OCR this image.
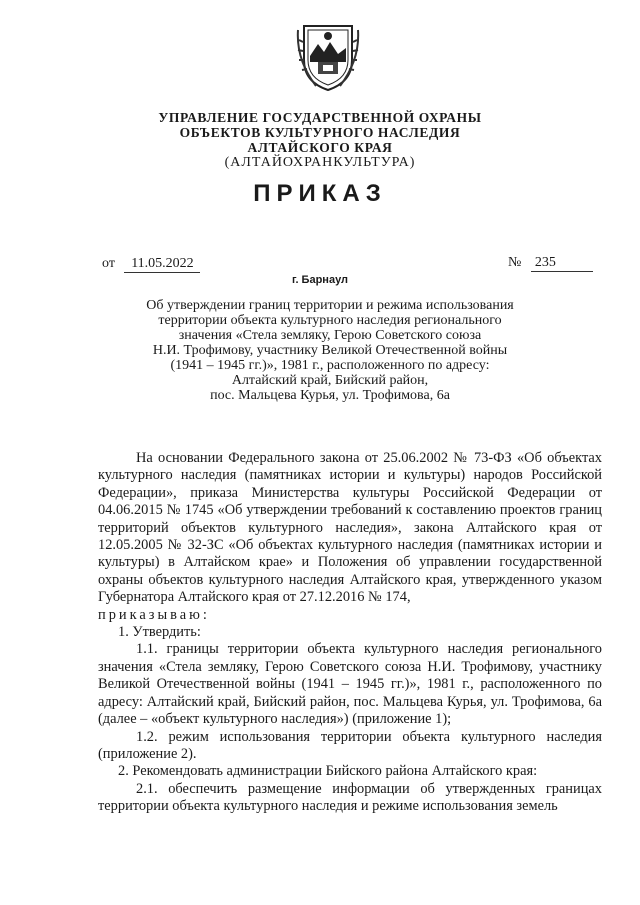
УПРАВЛЕНИЕ ГОСУДАРСТВЕННОЙ ОХРАНЫ
ОБЪЕКТОВ КУЛЬТУРНОГО НАСЛЕДИЯ
АЛТАЙСКОГО КРАЯ
(АЛТАЙОХРАНКУЛЬТУРА)
ПРИКАЗ
от 11.05.2022	№ 235
г. Барнаул
Об утверждении границ территории и режима использования
территории объекта культурного наследия регионального
значения «Стела земляку, Герою Советского союза
Н.И. Трофимову, участнику Великой Отечественной войны
(1941 – 1945 гг.)», 1981 г., расположенного по адресу:
Алтайский край, Бийский район,
пос. Мальцева Курья, ул. Трофимова, 6а

На основании Федерального закона от 25.06.2002 № 73-ФЗ «Об объектах культурного наследия (памятниках истории и культуры) народов Российской Федерации», приказа Министерства культуры Российской Федерации от 04.06.2015 № 1745 «Об утверждении требований к составлению проектов границ территорий объектов культурного наследия», закона Алтайского края от 12.05.2005 № 32-ЗС «Об объектах культурного наследия (памятниках истории и культуры) в Алтайском крае» и Положения об управлении государственной охраны объектов культурного наследия Алтайского края, утвержденного указом Губернатора Алтайского края от 27.12.2016 № 174,

приказываю:

1. Утвердить:

1.1. границы территории объекта культурного наследия регионального значения «Стела земляку, Герою Советского союза Н.И. Трофимову, участнику Великой Отечественной войны (1941 – 1945 гг.)», 1981 г., расположенного по адресу: Алтайский край, Бийский район, пос. Мальцева Курья, ул. Трофимова, 6а (далее – «объект культурного наследия») (приложение 1);

1.2. режим использования территории объекта культурного наследия (приложение 2).

2. Рекомендовать администрации Бийского района Алтайского края:

2.1. обеспечить размещение информации об утвержденных границах территории объекта культурного наследия и режиме использования земель
